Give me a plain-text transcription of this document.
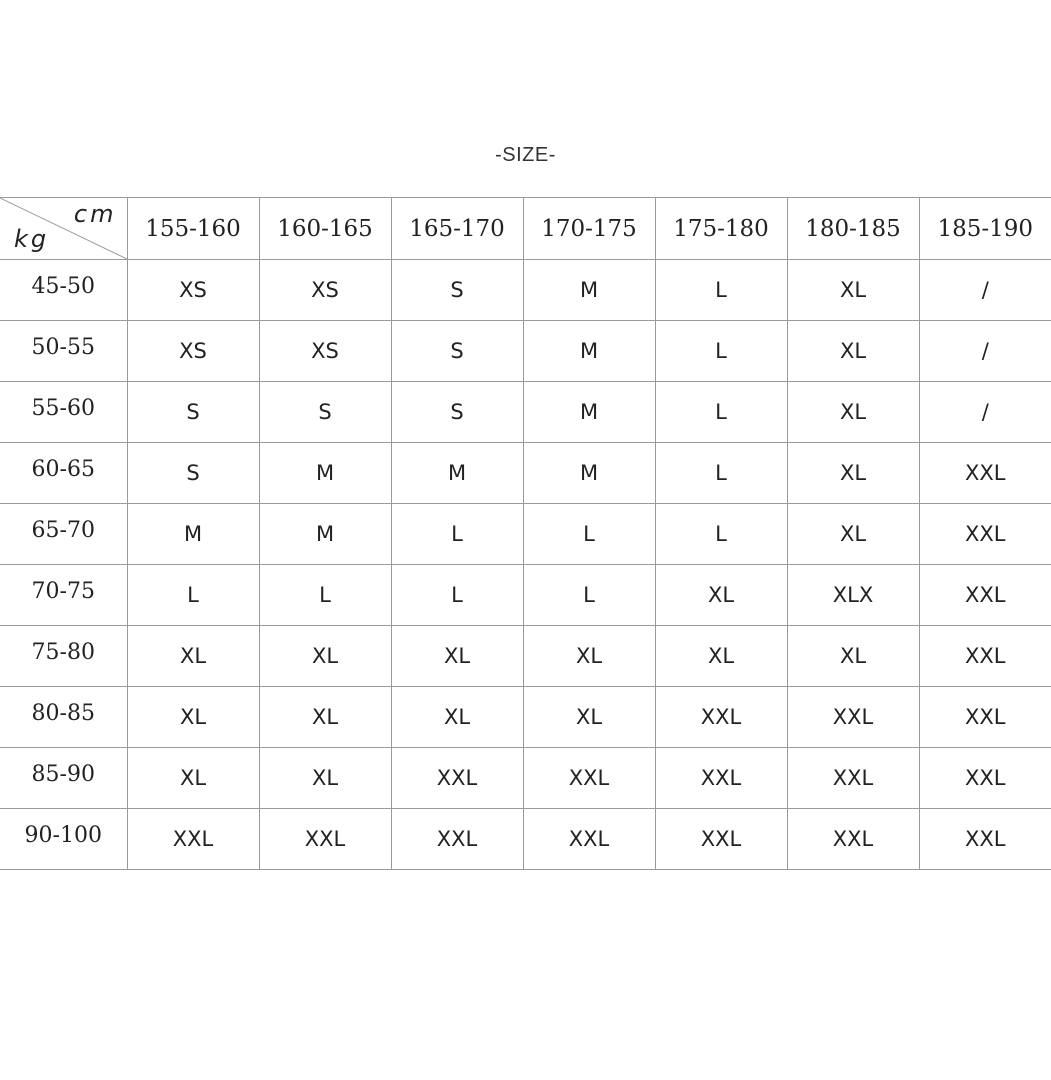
-SIZE-
cm
kg	155-160	160-165	165-170	170-175	175-180	180-185	185-190
45-50	XS	XS	S	M	L	XL	/
50-55	XS	XS	S	M	L	XL	/
55-60	S	S	S	M	L	XL	/
60-65	S	M	M	M	L	XL	XXL
65-70	M	M	L	L	L	XL	XXL
70-75	L	L	L	L	XL	XLX	XXL
75-80	XL	XL	XL	XL	XL	XL	XXL
80-85	XL	XL	XL	XL	XXL	XXL	XXL
85-90	XL	XL	XXL	XXL	XXL	XXL	XXL
90-100	XXL	XXL	XXL	XXL	XXL	XXL	XXL
